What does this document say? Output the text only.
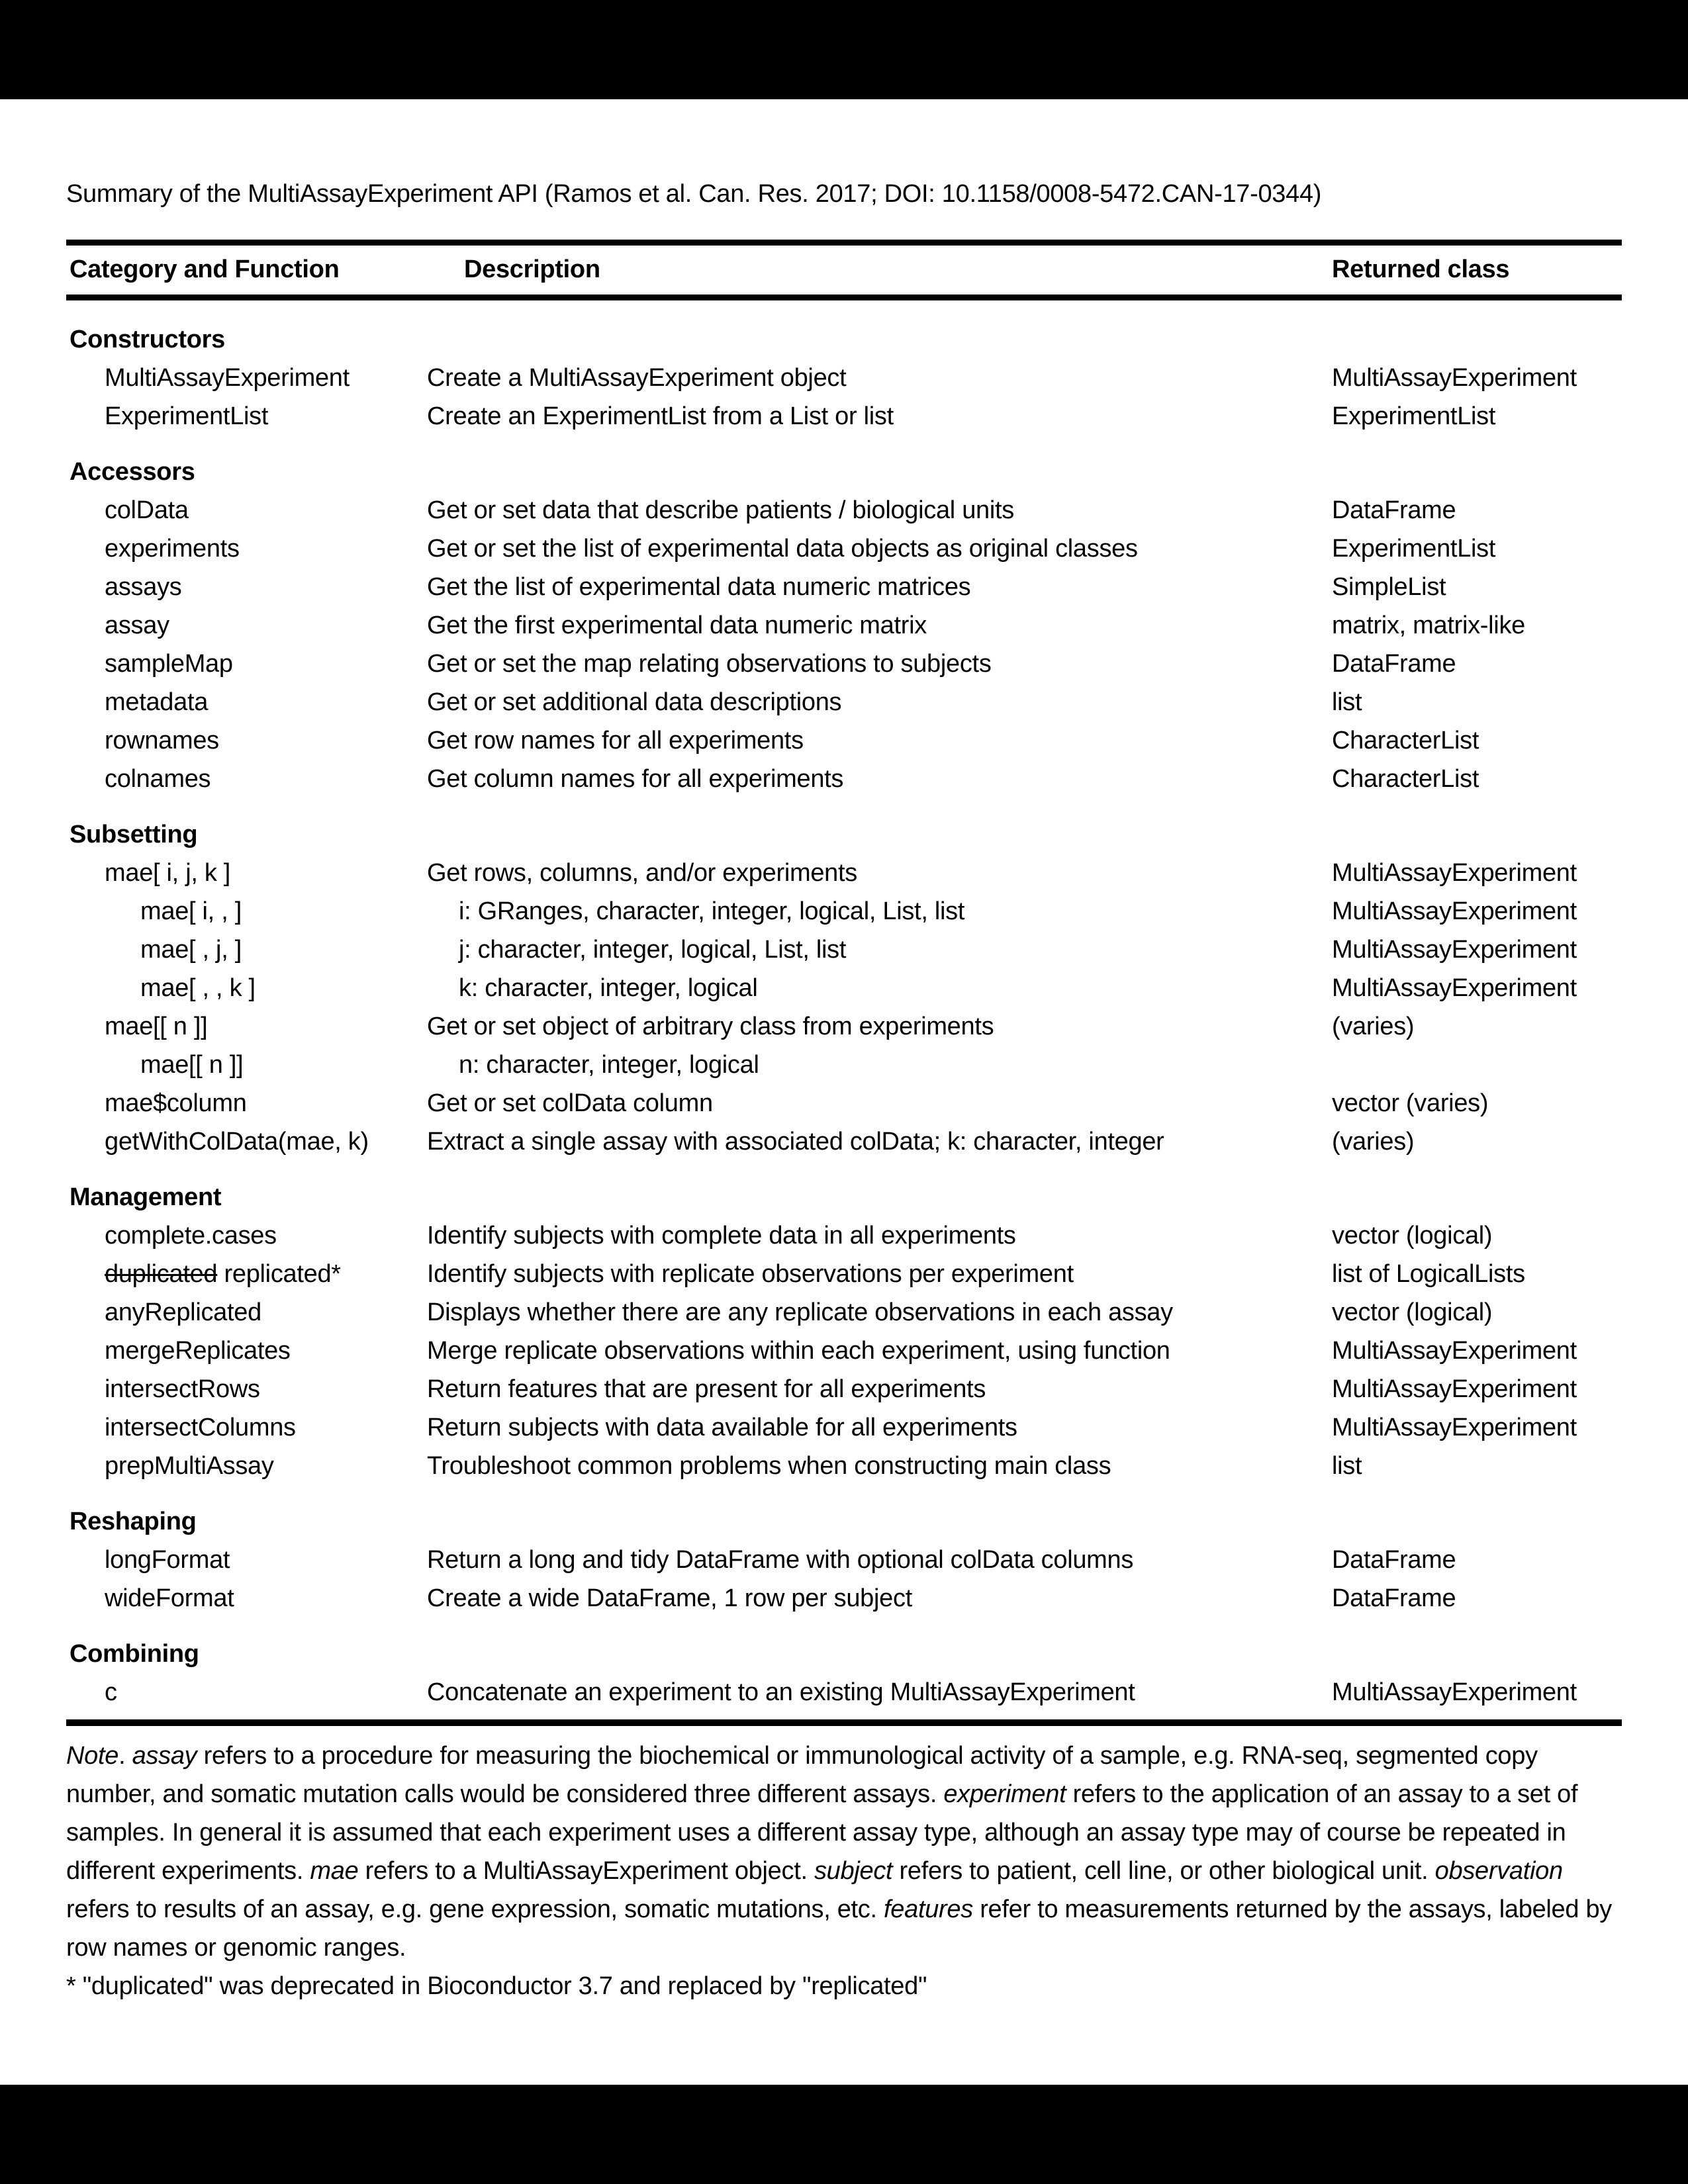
Summary of the MultiAssayExperiment API (Ramos et al. Can. Res. 2017; DOI: 10.1158/0008-5472.CAN-17-0344)
Category and Function	Description	Returned class
Constructors
MultiAssayExperiment	Create a MultiAssayExperiment object	MultiAssayExperiment
ExperimentList	Create an ExperimentList from a List or list	ExperimentList
Accessors
colData	Get or set data that describe patients / biological units	DataFrame
experiments	Get or set the list of experimental data objects as original classes	ExperimentList
assays	Get the list of experimental data numeric matrices	SimpleList
assay	Get the first experimental data numeric matrix	matrix, matrix-like
sampleMap	Get or set the map relating observations to subjects	DataFrame
metadata	Get or set additional data descriptions	list
rownames	Get row names for all experiments	CharacterList
colnames	Get column names for all experiments	CharacterList
Subsetting
mae[ i, j, k ]	Get rows, columns, and/or experiments	MultiAssayExperiment
mae[ i, , ]	i: GRanges, character, integer, logical, List, list	MultiAssayExperiment
mae[ , j, ]	j: character, integer, logical, List, list	MultiAssayExperiment
mae[ , , k ]	k: character, integer, logical	MultiAssayExperiment
mae[[ n ]]	Get or set object of arbitrary class from experiments	(varies)
mae[[ n ]]	n: character, integer, logical
mae$column	Get or set colData column	vector (varies)
getWithColData(mae, k)	Extract a single assay with associated colData; k: character, integer	(varies)
Management
complete.cases	Identify subjects with complete data in all experiments	vector (logical)
duplicated replicated*	Identify subjects with replicate observations per experiment	list of LogicalLists
anyReplicated	Displays whether there are any replicate observations in each assay	vector (logical)
mergeReplicates	Merge replicate observations within each experiment, using function	MultiAssayExperiment
intersectRows	Return features that are present for all experiments	MultiAssayExperiment
intersectColumns	Return subjects with data available for all experiments	MultiAssayExperiment
prepMultiAssay	Troubleshoot common problems when constructing main class	list
Reshaping
longFormat	Return a long and tidy DataFrame with optional colData columns	DataFrame
wideFormat	Create a wide DataFrame, 1 row per subject	DataFrame
Combining
c	Concatenate an experiment to an existing MultiAssayExperiment	MultiAssayExperiment
Note. assay refers to a procedure for measuring the biochemical or immunological activity of a sample, e.g. RNA-seq, segmented copy number, and somatic mutation calls would be considered three different assays. experiment refers to the application of an assay to a set of samples. In general it is assumed that each experiment uses a different assay type, although an assay type may of course be repeated in different experiments. mae refers to a MultiAssayExperiment object. subject refers to patient, cell line, or other biological unit. observation refers to results of an assay, e.g. gene expression, somatic mutations, etc. features refer to measurements returned by the assays, labeled by row names or genomic ranges.
* "duplicated" was deprecated in Bioconductor 3.7 and replaced by "replicated"
